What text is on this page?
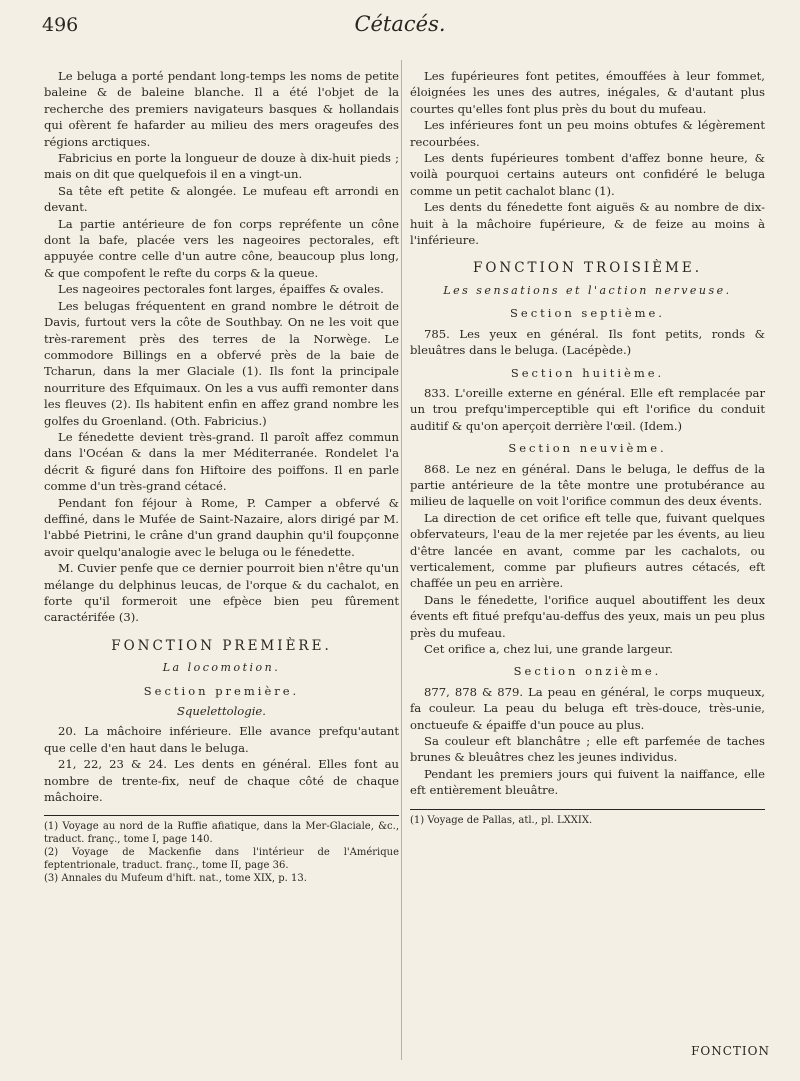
496	Cétacés.

Le beluga a porté pendant long-temps les noms de petite baleine & de baleine blanche. Il a été l'objet de la recherche des premiers navigateurs basques & hollandais qui ofèrent fe hafarder au milieu des mers orageufes des régions arctiques.

Fabricius en porte la longueur de douze à dix-huit pieds ; mais on dit que quelquefois il en a vingt-un.

Sa tête eft petite & alongée. Le mufeau eft arrondi en devant.

La partie antérieure de fon corps repréfente un cône dont la bafe, placée vers les nageoires pectorales, eft appuyée contre celle d'un autre cône, beaucoup plus long, & que compofent le refte du corps & la queue.

Les nageoires pectorales font larges, épaiffes & ovales.

Les belugas fréquentent en grand nombre le détroit de Davis, furtout vers la côte de Southbay. On ne les voit que très-rarement près des terres de la Norwège. Le commodore Billings en a obfervé près de la baie de Tcharun, dans la mer Glaciale (1). Ils font la principale nourriture des Efquimaux. On les a vus auffi remonter dans les fleuves (2). Ils habitent enfin en affez grand nombre les golfes du Groenland. (Oth. Fabricius.)

Le fénedette devient très-grand. Il paroît affez commun dans l'Océan & dans la mer Méditerranée. Rondelet l'a décrit & figuré dans fon Hiftoire des poiffons. Il en parle comme d'un très-grand cétacé.

Pendant fon féjour à Rome, P. Camper a obfervé & deffiné, dans le Mufée de Saint-Nazaire, alors dirigé par M. l'abbé Pietrini, le crâne d'un grand dauphin qu'il foupçonne avoir quelqu'analogie avec le beluga ou le fénedette.

M. Cuvier penfe que ce dernier pourroit bien n'être qu'un mélange du delphinus leucas, de l'orque & du cachalot, en forte qu'il formeroit une efpèce bien peu fûrement caractérifée (3).

FONCTION PREMIÈRE.
La locomotion.
Section première.
Squelettologie.

20. La mâchoire inférieure. Elle avance prefqu'autant que celle d'en haut dans le beluga.

21, 22, 23 & 24. Les dents en général. Elles font au nombre de trente-fix, neuf de chaque côté de chaque mâchoire.

(1) Voyage au nord de la Ruffie afiatique, dans la Mer-Glaciale, &c., traduct. franç., tome I, page 140.

(2) Voyage de Mackenfie dans l'intérieur de l'Amérique feptentrionale, traduct. franç., tome II, page 36.

(3) Annales du Mufeum d'hift. nat., tome XIX, p. 13.

Les fupérieures font petites, émouffées à leur fommet, éloignées les unes des autres, inégales, & d'autant plus courtes qu'elles font plus près du bout du mufeau.

Les inférieures font un peu moins obtufes & légèrement recourbées.

Les dents fupérieures tombent d'affez bonne heure, & voilà pourquoi certains auteurs ont confidéré le beluga comme un petit cachalot blanc (1).

Les dents du fénedette font aiguës & au nombre de dix-huit à la mâchoire fupérieure, & de feize au moins à l'inférieure.

FONCTION TROISIÈME.
Les sensations et l'action nerveuse.
Section septième.

785. Les yeux en général. Ils font petits, ronds & bleuâtres dans le beluga. (Lacépède.)

Section huitième.

833. L'oreille externe en général. Elle eft remplacée par un trou prefqu'imperceptible qui eft l'orifice du conduit auditif & qu'on aperçoit derrière l'œil. (Idem.)

Section neuvième.

868. Le nez en général. Dans le beluga, le deffus de la partie antérieure de la tête montre une protubérance au milieu de laquelle on voit l'orifice commun des deux évents.

La direction de cet orifice eft telle que, fuivant quelques obfervateurs, l'eau de la mer rejetée par les évents, au lieu d'être lancée en avant, comme par les cachalots, ou verticalement, comme par plufieurs autres cétacés, eft chaffée un peu en arrière.

Dans le fénedette, l'orifice auquel aboutiffent les deux évents eft fitué prefqu'au-deffus des yeux, mais un peu plus près du mufeau.

Cet orifice a, chez lui, une grande largeur.

Section onzième.

877, 878 & 879. La peau en général, le corps muqueux, fa couleur. La peau du beluga eft très-douce, très-unie, onctueufe & épaiffe d'un pouce au plus.

Sa couleur eft blanchâtre ; elle eft parfemée de taches brunes & bleuâtres chez les jeunes individus.

Pendant les premiers jours qui fuivent la naiffance, elle eft entièrement bleuâtre.

(1) Voyage de Pallas, atl., pl. LXXIX.

FONCTION
